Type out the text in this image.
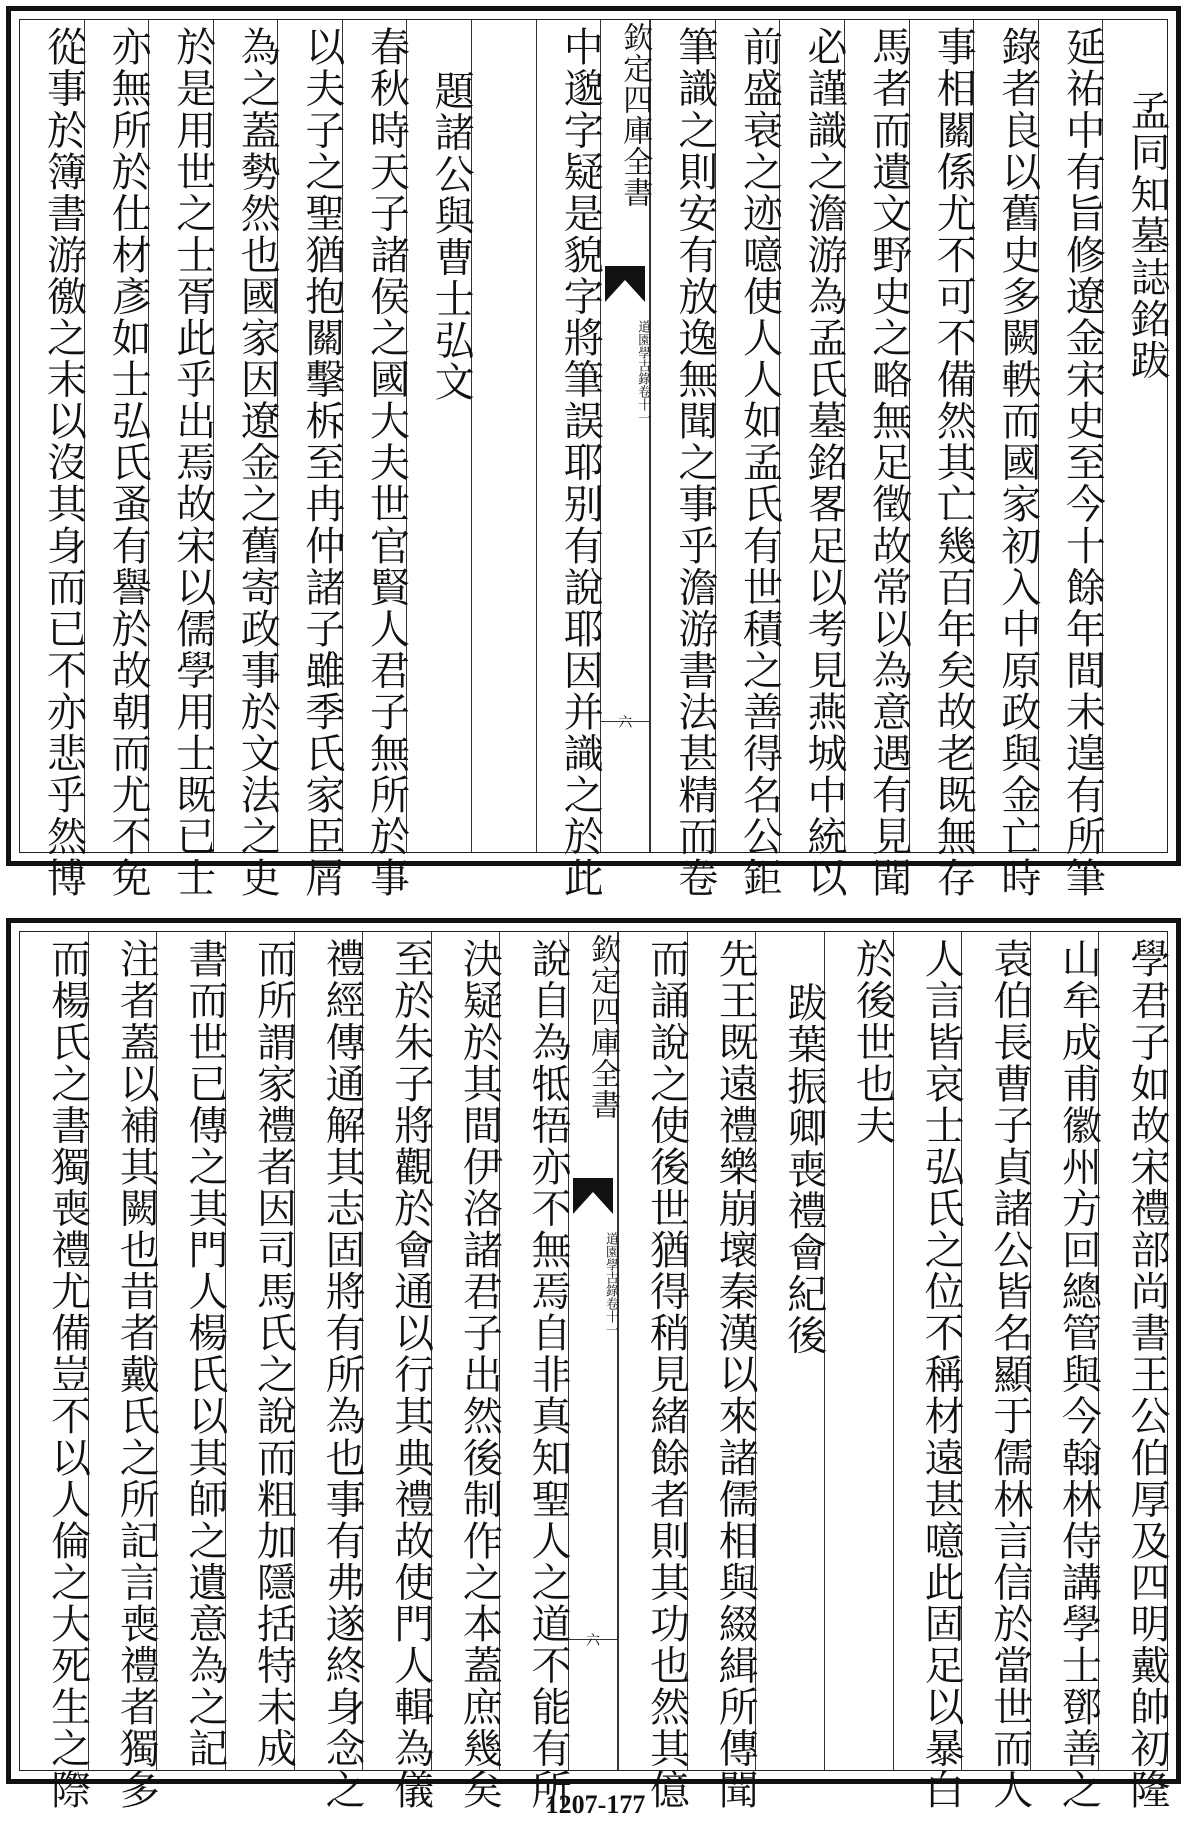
孟同知墓誌銘跋
延祐中有旨修遼金宋史至今十餘年間未遑有所筆
錄者良以舊史多闕軼而國家初入中原政與金亡時
事相關係尤不可不備然其亡幾百年矣故老既無存
馬者而遺文野史之略無足徵故常以為意遇有見聞
必謹識之澹游為孟氏墓銘畧足以考見燕城中統以
前盛衰之迹噫使人人如孟氏有世積之善得名公鉅
筆識之則安有放逸無聞之事乎澹游書法甚精而卷
欽定四庫全書
道園學古錄
卷十一
六
中邈字疑是貌字將筆誤耶别有說耶因并識之於此
題諸公與曹士弘文
春秋時天子諸侯之國大夫世官賢人君子無所於事
以夫子之聖猶抱關擊柝至冉仲諸子雖季氏家臣屑
為之蓋勢然也國家因遼金之舊寄政事於文法之吏
於是用世之士胥此乎出焉故宋以儒學用士既已士
亦無所於仕材彥如士弘氏蚤有譽於故朝而尤不免
從事於簿書游徼之末以沒其身而已不亦悲乎然博
學君子如故宋禮部尚書王公伯厚及四明戴帥初隆
山牟成甫徽州方回總管與今翰林侍講學士鄧善之
袁伯長曹子貞諸公皆名顯于儒林言信於當世而人
人言皆哀士弘氏之位不稱材遠甚噫此固足以暴白
於後世也夫
跋葉振卿喪禮會紀後
先王既遠禮樂崩壞秦漢以來諸儒相與綴緝所傳聞
而誦說之使後世猶得稍見緒餘者則其功也然其億
欽定四庫全書
道園學古錄
卷十一
六
說自為牴牾亦不無焉自非真知聖人之道不能有所
決疑於其間伊洛諸君子出然後制作之本蓋庶幾矣
至於朱子將觀於會通以行其典禮故使門人輯為儀
禮經傳通解其志固將有所為也事有弗遂終身念之
而所謂家禮者因司馬氏之說而粗加隱括特未成
書而世已傳之其門人楊氏以其師之遺意為之記
注者蓋以補其闕也昔者戴氏之所記言喪禮者獨多
而楊氏之書獨喪禮尤備豈不以人倫之大死生之際	1207-177
